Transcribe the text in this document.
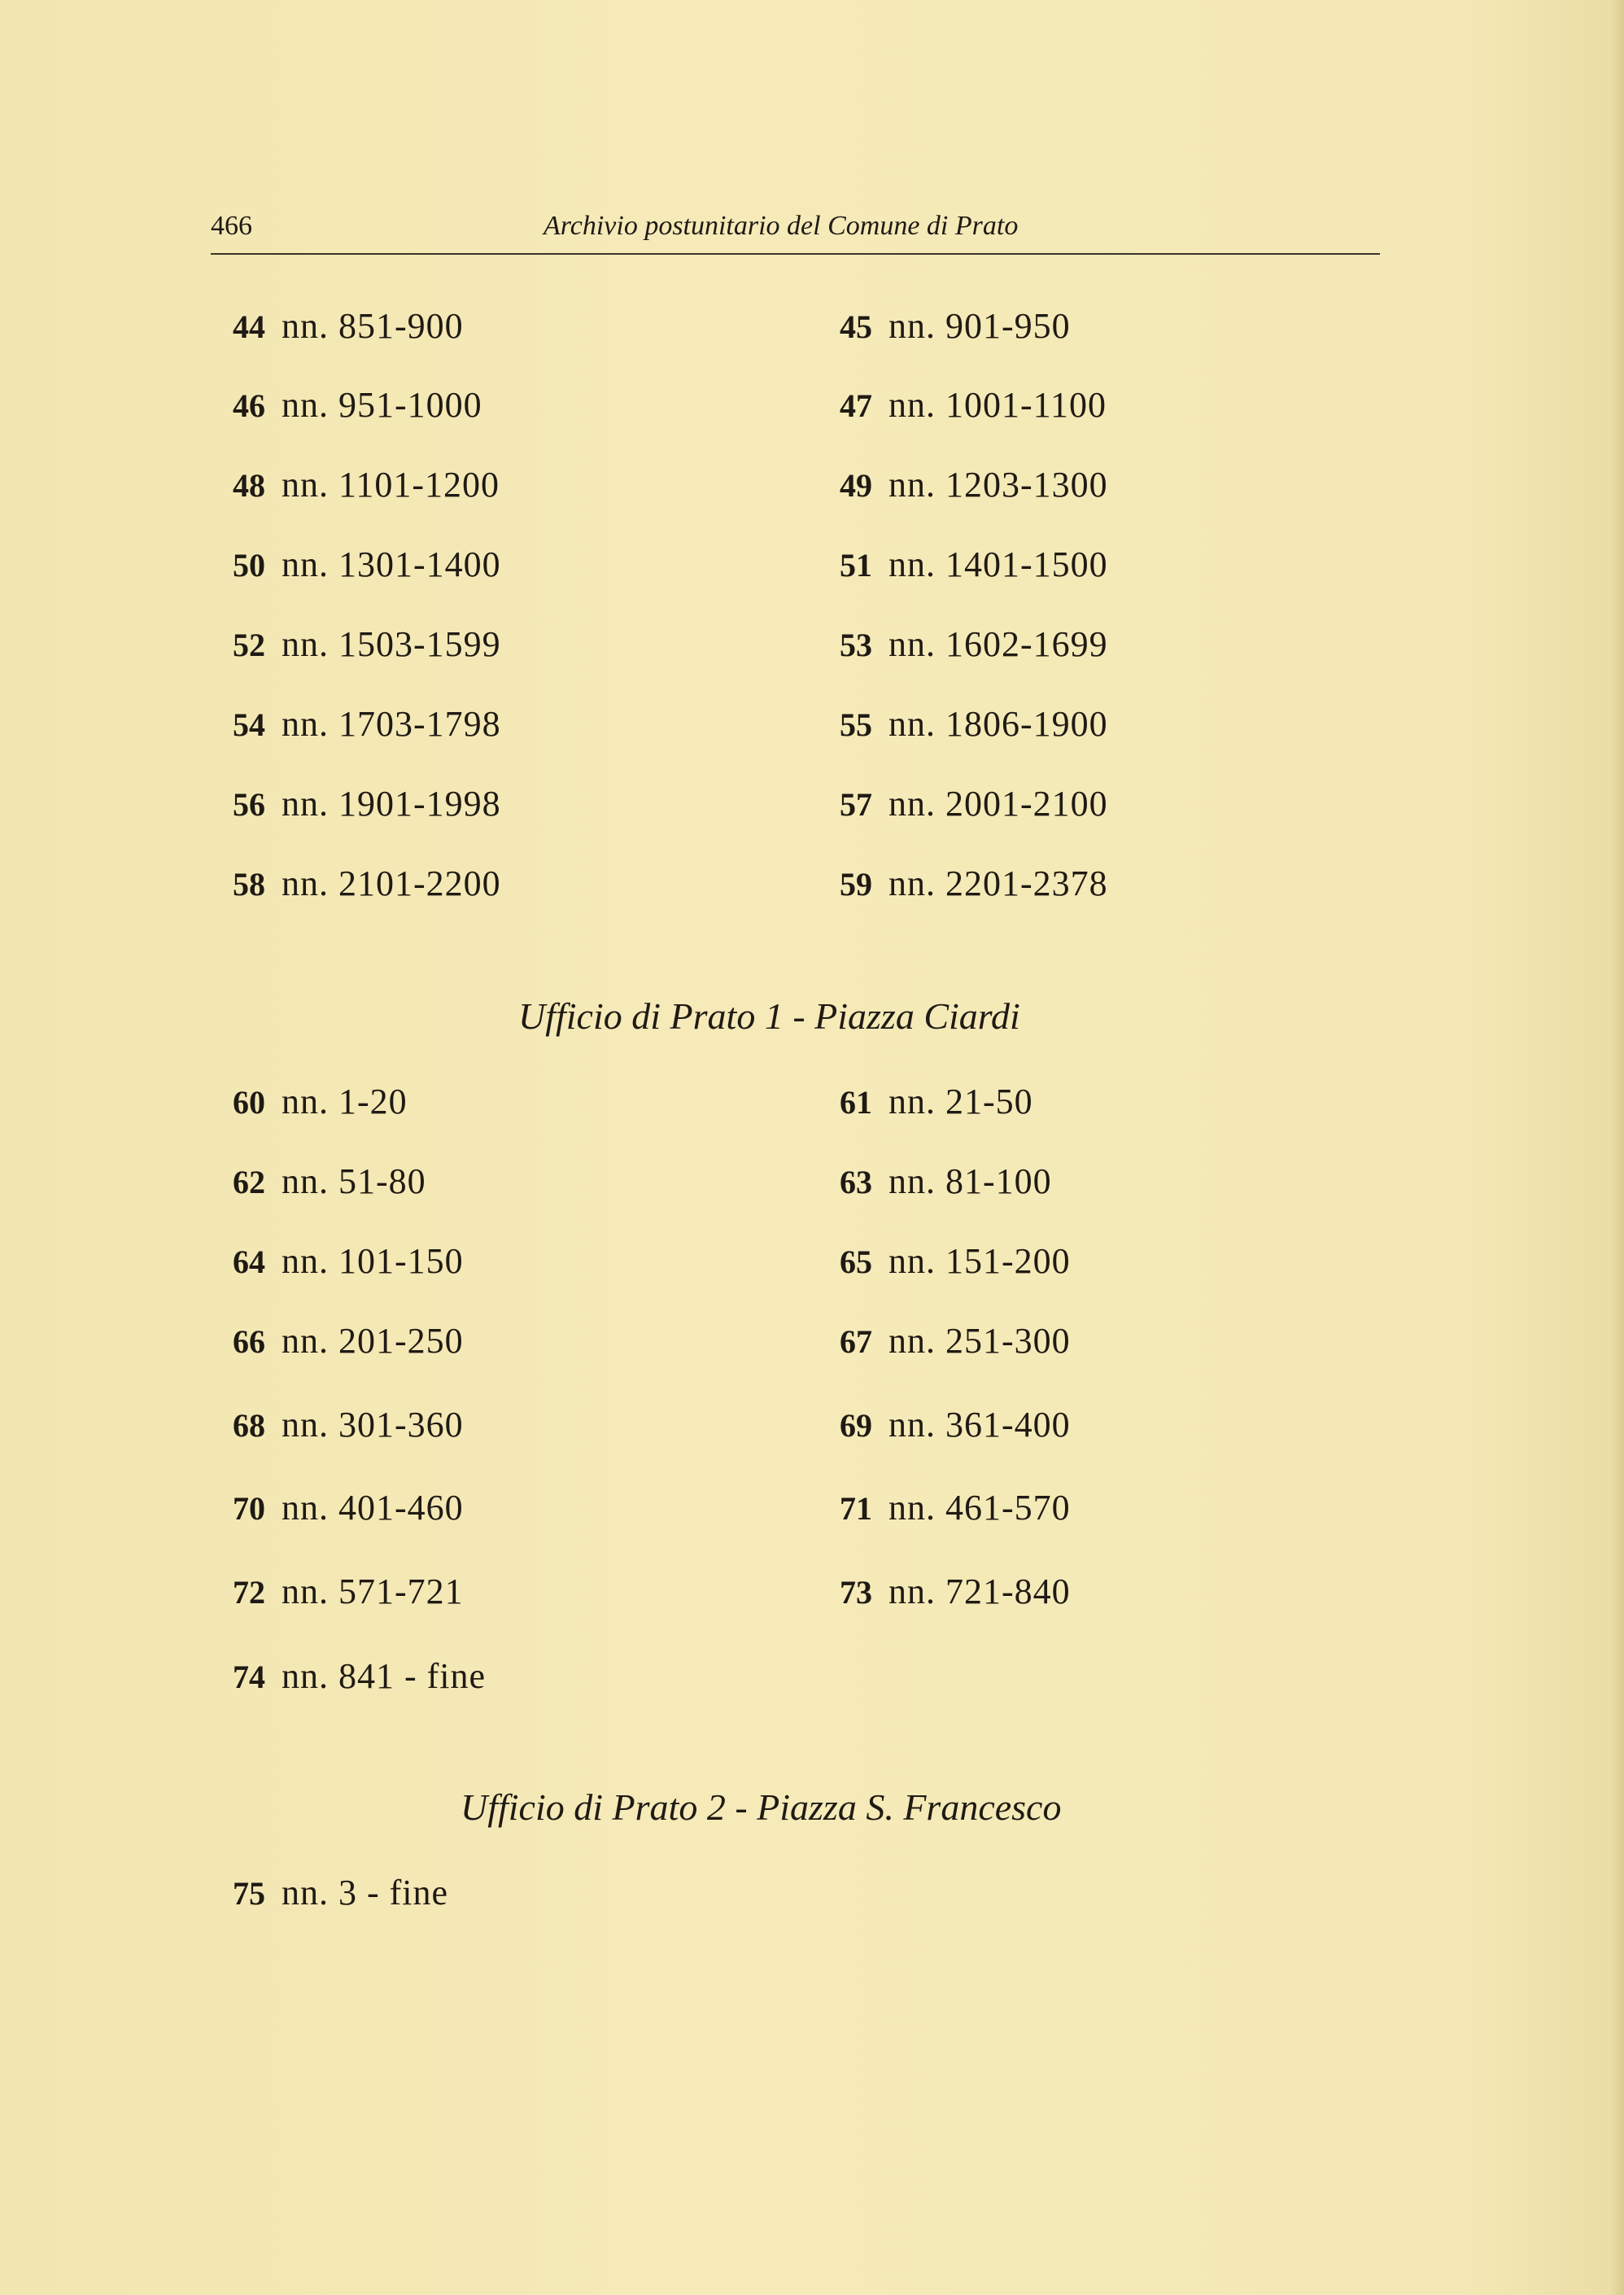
466	Archivio postunitario del Comune di Prato
44 nn. 851-900	45 nn. 901-950
46 nn. 951-1000	47 nn. 1001-1100
48 nn. 1101-1200	49 nn. 1203-1300
50 nn. 1301-1400	51 nn. 1401-1500
52 nn. 1503-1599	53 nn. 1602-1699
54 nn. 1703-1798	55 nn. 1806-1900
56 nn. 1901-1998	57 nn. 2001-2100
58 nn. 2101-2200	59 nn. 2201-2378
Ufficio di Prato 1 - Piazza Ciardi
60 nn. 1-20	61 nn. 21-50
62 nn. 51-80	63 nn. 81-100
64 nn. 101-150	65 nn. 151-200
66 nn. 201-250	67 nn. 251-300
68 nn. 301-360	69 nn. 361-400
70 nn. 401-460	71 nn. 461-570
72 nn. 571-721	73 nn. 721-840
74 nn. 841 - fine
Ufficio di Prato 2 - Piazza S. Francesco
75 nn. 3 - fine
